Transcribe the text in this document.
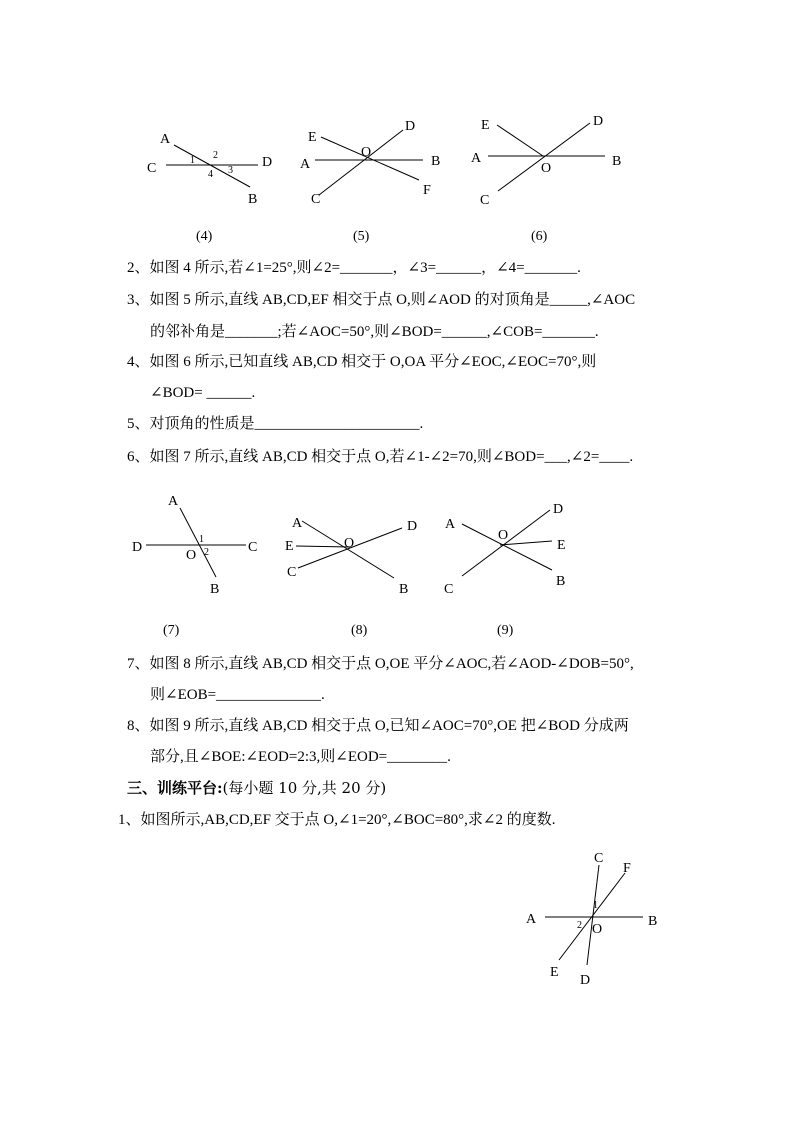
A
C	D
B
1 2
3
4
(4)
E
D
A	B
O
F
C
(5)
E	D
A	B
O
C
(6)
2、如图 4 所示,若∠1=25°,则∠2=_______，∠3=______，∠4=_______.
3、如图 5 所示,直线 AB,CD,EF 相交于点 O,则∠AOD 的对顶角是_____,∠AOC
的邻补角是_______;若∠AOC=50°,则∠BOD=______,∠COB=_______.
4、如图 6 所示,已知直线 AB,CD 相交于 O,OA 平分∠EOC,∠EOC=70°,则
∠BOD= ______.
5、对顶角的性质是______________________.
6、如图 7 所示,直线 AB,CD 相交于点 O,若∠1-∠2=70,则∠BOD=___,∠2=____.
A
D	C
O
B
1
2
(7)
A	D
E	O
C
B
(8)
A
D
O
E
C
B
(9)
7、如图 8 所示,直线 AB,CD 相交于点 O,OE 平分∠AOC,若∠AOD-∠DOB=50°,
则∠EOB=______________.
8、如图 9 所示,直线 AB,CD 相交于点 O,已知∠AOC=70°,OE 把∠BOD 分成两
部分,且∠BOE:∠EOD=2:3,则∠EOD=________.
三、训练平台:(每小题 10 分,共 20 分)
1、如图所示,AB,CD,EF 交于点 O,∠1=20°,∠BOC=80°,求∠2 的度数.
C
F
A	B
O
E
D
1
2
